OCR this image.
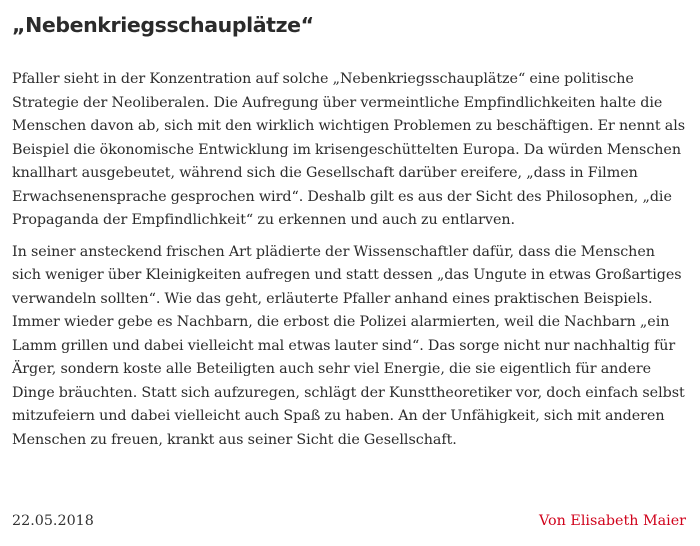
„Nebenkriegsschauplätze“

Pfaller sieht in der Konzentration auf solche „Nebenkriegsschauplätze“ eine politische Strategie der Neoliberalen. Die Aufregung über vermeintliche Empfindlichkeiten halte die Menschen davon ab, sich mit den wirklich wichtigen Problemen zu beschäftigen. Er nennt als Beispiel die ökonomische Entwicklung im krisengeschüttelten Europa. Da würden Menschen knallhart ausgebeutet, während sich die Gesellschaft darüber ereifere, „dass in Filmen Erwachsenensprache gesprochen wird“. Deshalb gilt es aus der Sicht des Philosophen, „die Propaganda der Empfindlichkeit“ zu erkennen und auch zu entlarven.

In seiner ansteckend frischen Art plädierte der Wissenschaftler dafür, dass die Menschen sich weniger über Kleinigkeiten aufregen und statt dessen „das Ungute in etwas Großartiges verwandeln sollten“. Wie das geht, erläuterte Pfaller anhand eines praktischen Beispiels. Immer wieder gebe es Nachbarn, die erbost die Polizei alarmierten, weil die Nachbarn „ein Lamm grillen und dabei vielleicht mal etwas lauter sind“. Das sorge nicht nur nachhaltig für Ärger, sondern koste alle Beteiligten auch sehr viel Energie, die sie eigentlich für andere Dinge bräuchten. Statt sich aufzuregen, schlägt der Kunsttheoretiker vor, doch einfach selbst mitzufeiern und dabei vielleicht auch Spaß zu haben. An der Unfähigkeit, sich mit anderen Menschen zu freuen, krankt aus seiner Sicht die Gesellschaft.

22.05.2018	Von Elisabeth Maier
